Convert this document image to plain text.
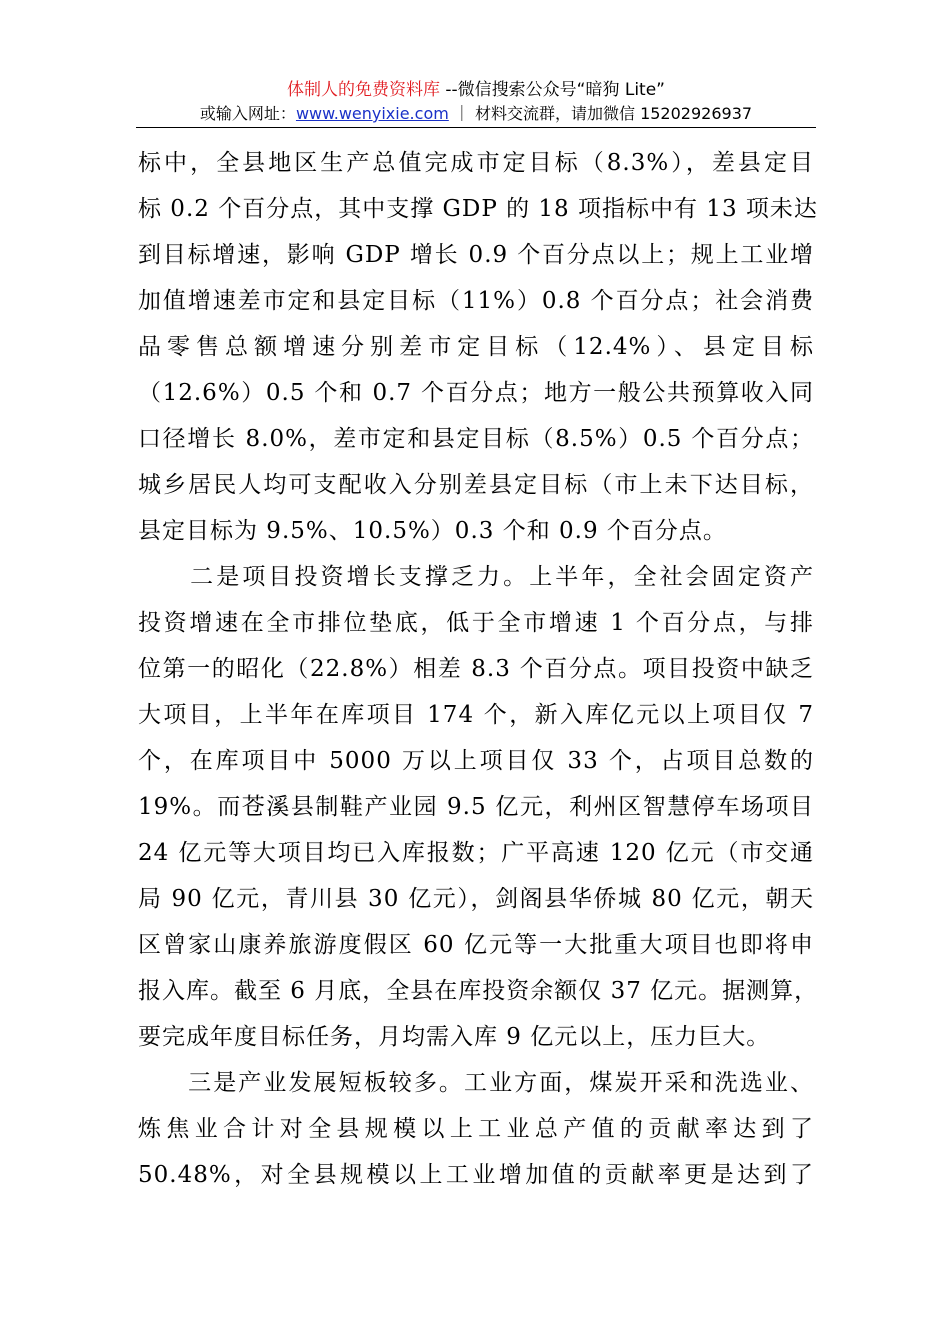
体制人的免费资料库 --微信搜索公众号“暗狗 Lite”
或输入网址：www.wenyixie.com ｜ 材料交流群，请加微信 15202926937
标中，全县地区生产总值完成市定目标（8.3%），差县定目
标 0.2 个百分点，其中支撑 GDP 的 18 项指标中有 13 项未达
到目标增速，影响 GDP 增长 0.9 个百分点以上；规上工业增
加值增速差市定和县定目标（11%）0.8 个百分点；社会消费
品零售总额增速分别差市定目标（12.4%）、县定目标
（12.6%）0.5 个和 0.7 个百分点；地方一般公共预算收入同
口径增长 8.0%，差市定和县定目标（8.5%）0.5 个百分点；
城乡居民人均可支配收入分别差县定目标（市上未下达目标，
县定目标为 9.5%、10.5%）0.3 个和 0.9 个百分点。
　　二是项目投资增长支撑乏力。上半年，全社会固定资产
投资增速在全市排位垫底，低于全市增速 1 个百分点，与排
位第一的昭化（22.8%）相差 8.3 个百分点。项目投资中缺乏
大项目，上半年在库项目 174 个，新入库亿元以上项目仅 7
个，在库项目中 5000 万以上项目仅 33 个，占项目总数的
19%。而苍溪县制鞋产业园 9.5 亿元，利州区智慧停车场项目
24 亿元等大项目均已入库报数；广平高速 120 亿元（市交通
局 90 亿元，青川县 30 亿元），剑阁县华侨城 80 亿元，朝天
区曾家山康养旅游度假区 60 亿元等一大批重大项目也即将申
报入库。截至 6 月底，全县在库投资余额仅 37 亿元。据测算，
要完成年度目标任务，月均需入库 9 亿元以上，压力巨大。
　　三是产业发展短板较多。工业方面，煤炭开采和洗选业、
炼焦业合计对全县规模以上工业总产值的贡献率达到了
50.48%，对全县规模以上工业增加值的贡献率更是达到了
